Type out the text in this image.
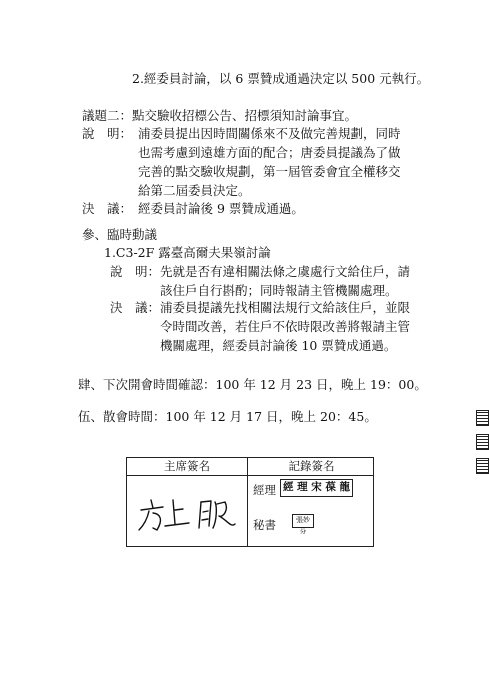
2.經委員討論，以 6 票贊成通過決定以 500 元執行。
議題二：點交驗收招標公告、招標須知討論事宜。
說　明： 浦委員提出因時間關係來不及做完善規劃，同時
也需考慮到遠雄方面的配合；唐委員提議為了做
完善的點交驗收規劃，第一屆管委會宜全權移交
給第二屆委員決定。
決　議： 經委員討論後 9 票贊成通過。
參、臨時動議
1.C3-2F 露臺高爾夫果嶺討論
說　明： 先就是否有違相關法條之虞處行文給住戶，請
該住戶自行斟酌；同時報請主管機關處理。
決　議： 浦委員提議先找相關法規行文給該住戶，並限
令時間改善，若住戶不依時限改善將報請主管
機關處理，經委員討論後 10 票贊成通過。
肆、下次開會時間確認：100 年 12 月 23 日，晚上 19：00。
伍、散會時間：100 年 12 月 17 日，晚上 20：45。
主席簽名	記錄簽名
經理 經 理 宋 葆 龍
秘書	張妙芬
